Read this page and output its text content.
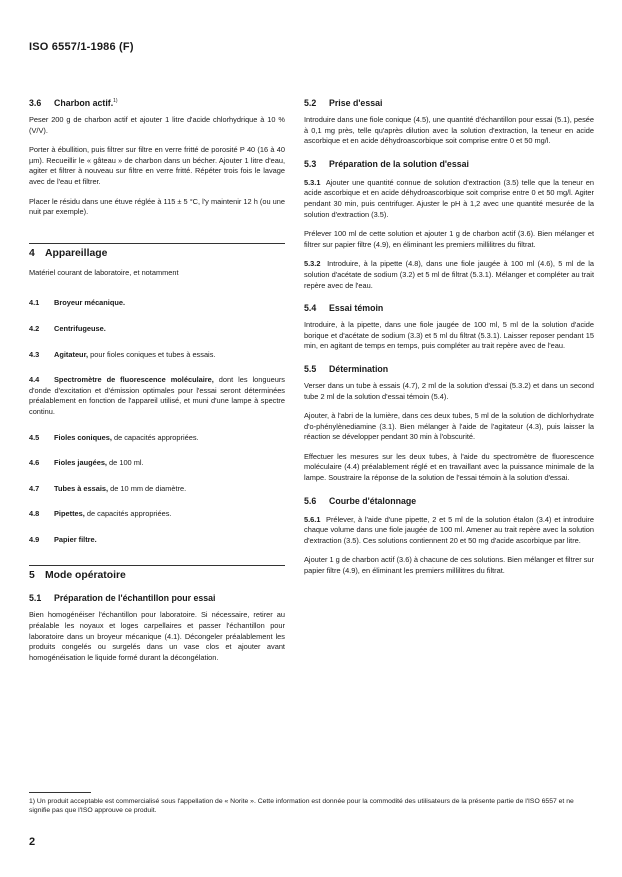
ISO 6557/1-1986 (F)
3.6 Charbon actif.$^{1)}$

Peser 200 g de charbon actif et ajouter 1 litre d'acide chlorhydrique à 10 % (V/V).

Porter à ébullition, puis filtrer sur filtre en verre fritté de porosité P 40 (16 à 40 µm). Recueillir le « gâteau » de charbon dans un bécher. Ajouter 1 litre d'eau, agiter et filtrer à nouveau sur filtre en verre fritté. Répéter trois fois le lavage avec de l'eau et filtrer.

Placer le résidu dans une étuve réglée à 115 ± 5 °C, l'y maintenir 12 h (ou une nuit par exemple).

4 Appareillage

Matériel courant de laboratoire, et notamment

4.1 Broyeur mécanique.
4.2 Centrifugeuse.
4.3 Agitateur, pour fioles coniques et tubes à essais.

4.4 Spectromètre de fluorescence moléculaire, dont les longueurs d'onde d'excitation et d'émission optimales pour l'essai seront déterminées préalablement en fonction de l'appareil utilisé, et muni d'une lampe à spectre continu.

4.5 Fioles coniques, de capacités appropriées.
4.6 Fioles jaugées, de 100 ml.
4.7 Tubes à essais, de 10 mm de diamètre.
4.8 Pipettes, de capacités appropriées.
4.9 Papier filtre.
5 Mode opératoire
5.1 Préparation de l'échantillon pour essai

Bien homogénéiser l'échantillon pour laboratoire. Si nécessaire, retirer au préalable les noyaux et loges carpellaires et passer l'échantillon pour laboratoire dans un broyeur mécanique (4.1). Décongeler préalablement les produits congelés ou surgelés dans un vase clos et ajouter avant homogénéisation le liquide formé durant la décongélation.

5.2 Prise d'essai

Introduire dans une fiole conique (4.5), une quantité d'échantillon pour essai (5.1), pesée à 0,1 mg près, telle qu'après dilution avec la solution d'extraction, la teneur en acide ascorbique et en acide déhydroascorbique soit comprise entre 0 et 50 mg/l.

5.3 Préparation de la solution d'essai

5.3.1 Ajouter une quantité connue de solution d'extraction (3.5) telle que la teneur en acide ascorbique et en acide déhydroascorbique soit comprise entre 0 et 50 mg/l. Agiter pendant 30 min, puis centrifuger. Ajuster le pH à 1,2 avec une quantité mesurée de la solution d'extraction (3.5).

Prélever 100 ml de cette solution et ajouter 1 g de charbon actif (3.6). Bien mélanger et filtrer sur papier filtre (4.9), en éliminant les premiers millilitres du filtrat.

5.3.2 Introduire, à la pipette (4.8), dans une fiole jaugée à 100 ml (4.6), 5 ml de la solution d'acétate de sodium (3.2) et 5 ml de filtrat (5.3.1). Mélanger et compléter au trait repère avec de l'eau.

5.4 Essai témoin

Introduire, à la pipette, dans une fiole jaugée de 100 ml, 5 ml de la solution d'acide borique et d'acétate de sodium (3.3) et 5 ml du filtrat (5.3.1). Laisser reposer pendant 15 min, en agitant de temps en temps, puis compléter au trait repère avec de l'eau.

5.5 Détermination

Verser dans un tube à essais (4.7), 2 ml de la solution d'essai (5.3.2) et dans un second tube 2 ml de la solution d'essai témoin (5.4).

Ajouter, à l'abri de la lumière, dans ces deux tubes, 5 ml de la solution de dichlorhydrate d'o-phénylènediamine (3.1). Bien mélanger à l'aide de l'agitateur (4.3), puis laisser la réaction se développer pendant 30 min à l'obscurité.

Effectuer les mesures sur les deux tubes, à l'aide du spectromètre de fluorescence moléculaire (4.4) préalablement réglé et en travaillant avec la puissance minimale de la lampe. Soustraire la réponse de la solution de l'essai témoin à la solution d'essai.

5.6 Courbe d'étalonnage

5.6.1 Prélever, à l'aide d'une pipette, 2 et 5 ml de la solution étalon (3.4) et introduire chaque volume dans une fiole jaugée de 100 ml. Amener au trait repère avec la solution d'extraction (3.5). Ces solutions contiennent 20 et 50 mg d'acide ascorbique par litre.

Ajouter 1 g de charbon actif (3.6) à chacune de ces solutions. Bien mélanger et filtrer sur papier filtre (4.9), en éliminant les premiers millilitres du filtrat.

1) Un produit acceptable est commercialisé sous l'appellation de « Norite ». Cette information est donnée pour la commodité des utilisateurs de la présente partie de l'ISO 6557 et ne signifie pas que l'ISO approuve ce produit.
2
